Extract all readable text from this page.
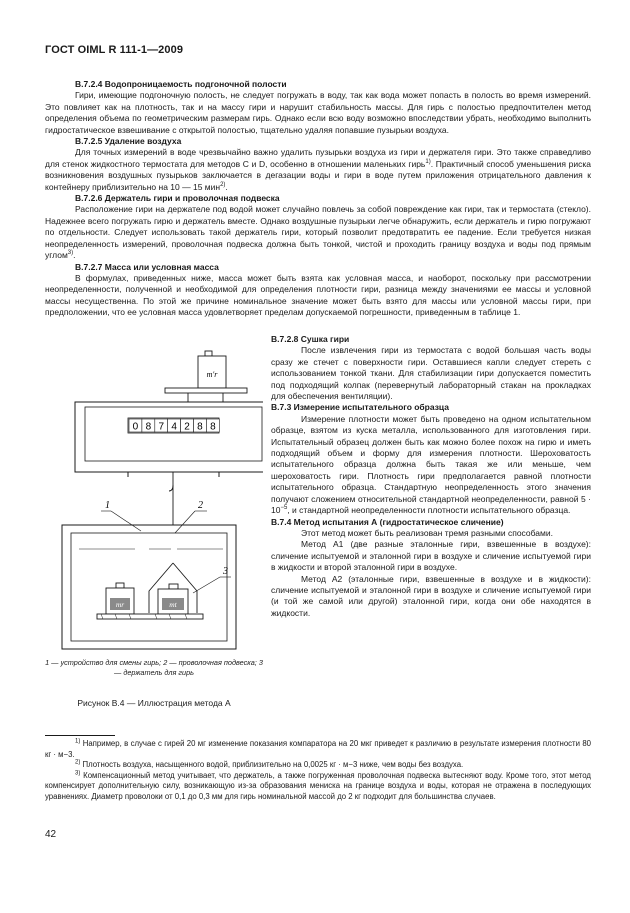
ГОСТ OIML R 111-1—2009
В.7.2.4 Водопроницаемость подгоночной полости

Гири, имеющие подгоночную полость, не следует погружать в воду, так как вода может попасть в полость во время измерений. Это повлияет как на плотность, так и на массу гири и нарушит стабильность массы. Для гирь с полостью предпочтителен метод определения объема по геометрическим размерам гирь. Однако если всю воду возможно впоследствии убрать, необходимо выполнить гидростатическое взвешивание с открытой полостью, тщательно удаляя попавшие пузырьки воздуха.

В.7.2.5 Удаление воздуха

Для точных измерений в воде чрезвычайно важно удалить пузырьки воздуха из гири и держателя гири. Это также справедливо для стенок жидкостного термостата для методов С и D, особенно в отношении маленьких гирь$^{1)}$. Практичный способ уменьшения риска возникновения воздушных пузырьков заключается в дегазации воды и гири в воде путем приложения отрицательного давления к контейнеру приблизительно на 10 — 15 мин$^{2)}$.

В.7.2.6 Держатель гири и проволочная подвеска

Расположение гири на держателе под водой может случайно повлечь за собой повреждение как гири, так и термостата (стекло). Надежнее всего погружать гирю и держатель вместе. Однако воздушные пузырьки легче обнаружить, если держатель и гирю погружают по отдельности. Следует использовать такой держатель гири, который позволит предотвратить ее падение. Если требуется низкая неопределенность измерений, проволочная подвеска должна быть тонкой, чистой и проходить границу воздуха и воды под прямым углом$^{3)}$.

В.7.2.7 Масса или условная масса

В формулах, приведенных ниже, масса может быть взята как условная масса, и наоборот, поскольку при рассмотрении неопределенности, полученной и необходимой для определения плотности гири, разница между значениями ее массы и условной массы несущественна. По этой же причине номинальное значение может быть взято для массы или условной массы гири, при предположении, что ее условная масса удовлетворяет пределам допускаемой погрешности, приведенным в таблице 1.

m′r
0 8 7 4 2 8 8
mr	mt
1	2
3
1 — устройство для смены гирь; 2 — проволочная подвеска; 3 — держатель для гирь
Рисунок В.4 — Иллюстрация метода А
В.7.2.8 Сушка гири

После извлечения гири из термостата с водой большая часть воды сразу же стечет с поверхности гири. Оставшиеся капли следует стереть с использованием тонкой ткани. Для стабилизации гири допускается поместить под подходящий колпак (перевернутый лабораторный стакан на прокладках для обеспечения вентиляции).

В.7.3 Измерение испытательного образца

Измерение плотности может быть проведено на одном испытательном образце, взятом из куска металла, использованного для изготовления гири. Испытательный образец должен быть как можно более похож на гирю и иметь подходящий объем и форму для измерения плотности. Шероховатость испытательного образца должна быть такая же или меньше, чем шероховатость гири. Плотность гири предполагается равной плотности испытательного образца. Стандартную неопределенность этого значения получают сложением относительной стандартной неопределенности, равной $5 \cdot 10^{-5}$, и стандартной неопределенности плотности испытательного образца.

В.7.4 Метод испытания А (гидростатическое сличение)

Этот метод может быть реализован тремя разными способами.

Метод А1 (две разные эталонные гири, взвешенные в воздухе): сличение испытуемой и эталонной гири в воздухе и сличение испытуемой гири в жидкости и второй эталонной гири в воздухе.

Метод А2 (эталонные гири, взвешенные в воздухе и в жидкости): сличение испытуемой и эталонной гири в воздухе и сличение испытуемой гири (и той же самой или другой) эталонной гири, когда они обе находятся в жидкости.

$^{1)}$ Например, в случае с гирей 20 мг изменение показания компаратора на 20 мкг приведет к различию в результате измерения плотности 80 кг · м−3.

$^{2)}$ Плотность воздуха, насыщенного водой, приблизительно на 0,0025 кг · м−3 ниже, чем воды без воздуха.

$^{3)}$ Компенсационный метод учитывает, что держатель, а также погруженная проволочная подвеска вытесняют воду. Кроме того, этот метод компенсирует дополнительную силу, возникающую из-за образования мениска на границе воздуха и воды, которая не отражена в последующих уравнениях. Диаметр проволоки от 0,1 до 0,3 мм для гирь номинальной массой до 2 кг подходит для большинства случаев.

42
